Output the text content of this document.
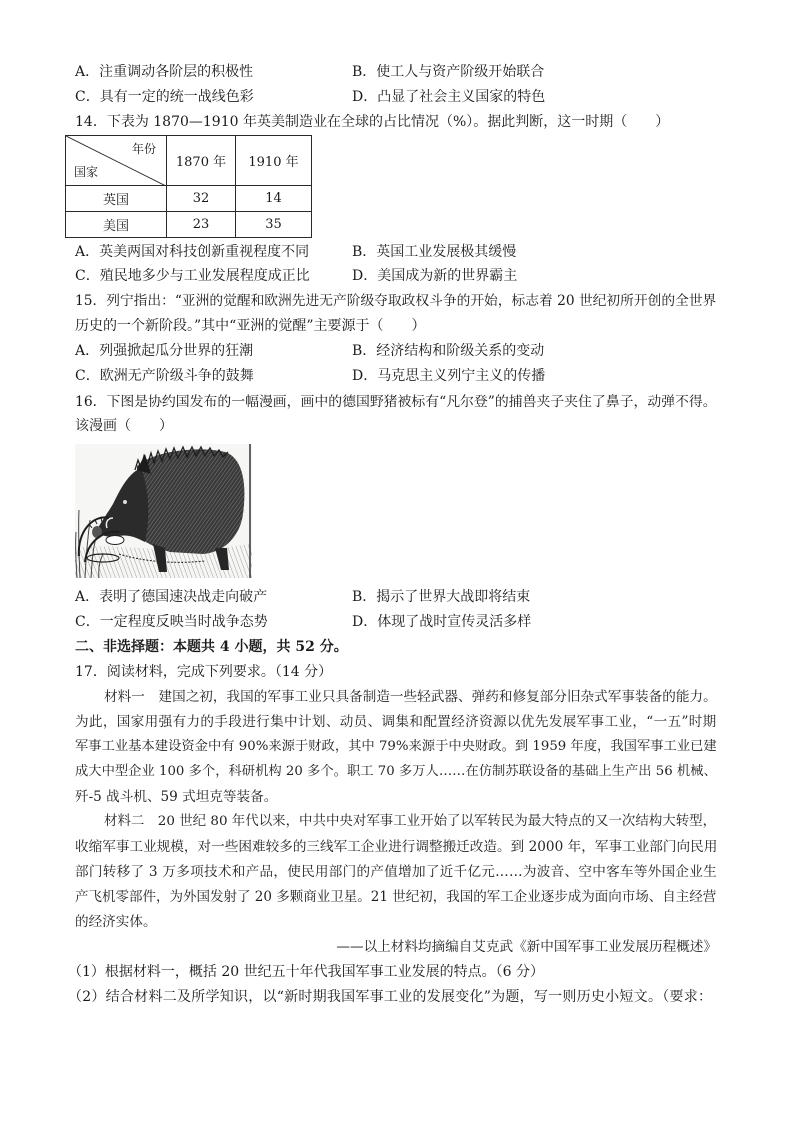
A．注重调动各阶层的积极性	B．使工人与资产阶级开始联合
C．具有一定的统一战线色彩	D．凸显了社会主义国家的特色
14．下表为 1870—1910 年英美制造业在全球的占比情况（%）。据此判断，这一时期（　　）
年份
国家	1870 年	1910 年
英国	32	14
美国	23	35
A．英美两国对科技创新重视程度不同	B．英国工业发展极其缓慢
C．殖民地多少与工业发展程度成正比	D．美国成为新的世界霸主
15．列宁指出：“亚洲的觉醒和欧洲先进无产阶级夺取政权斗争的开始，标志着 20 世纪初所开创的全世界
历史的一个新阶段。”其中“亚洲的觉醒”主要源于（　　）
A．列强掀起瓜分世界的狂潮	B．经济结构和阶级关系的变动
C．欧洲无产阶级斗争的鼓舞	D．马克思主义列宁主义的传播
16．下图是协约国发布的一幅漫画，画中的德国野猪被标有“凡尔登”的捕兽夹子夹住了鼻子，动弹不得。
该漫画（　　）
A．表明了德国速决战走向破产	B．揭示了世界大战即将结束
C．一定程度反映当时战争态势	D．体现了战时宣传灵活多样
二、非选择题：本题共 4 小题，共 52 分。
17．阅读材料，完成下列要求。（14 分）
材料一　建国之初，我国的军事工业只具备制造一些轻武器、弹药和修复部分旧杂式军事装备的能力。
为此，国家用强有力的手段进行集中计划、动员、调集和配置经济资源以优先发展军事工业，“一五”时期
军事工业基本建设资金中有 90%来源于财政，其中 79%来源于中央财政。到 1959 年度，我国军事工业已建
成大中型企业 100 多个，科研机构 20 多个。职工 70 多万人……在仿制苏联设备的基础上生产出 56 机械、
歼-5 战斗机、59 式坦克等装备。
材料二　20 世纪 80 年代以来，中共中央对军事工业开始了以军转民为最大特点的又一次结构大转型，
收缩军事工业规模，对一些困难较多的三线军工企业进行调整搬迁改造。到 2000 年，军事工业部门向民用
部门转移了 3 万多项技术和产品，使民用部门的产值增加了近千亿元……为波音、空中客车等外国企业生
产飞机零部件，为外国发射了 20 多颗商业卫星。21 世纪初，我国的军工企业逐步成为面向市场、自主经营
的经济实体。
——以上材料均摘编自艾克武《新中国军事工业发展历程概述》
（1）根据材料一，概括 20 世纪五十年代我国军事工业发展的特点。（6 分）
（2）结合材料二及所学知识，以“新时期我国军事工业的发展变化”为题，写一则历史小短文。（要求：
